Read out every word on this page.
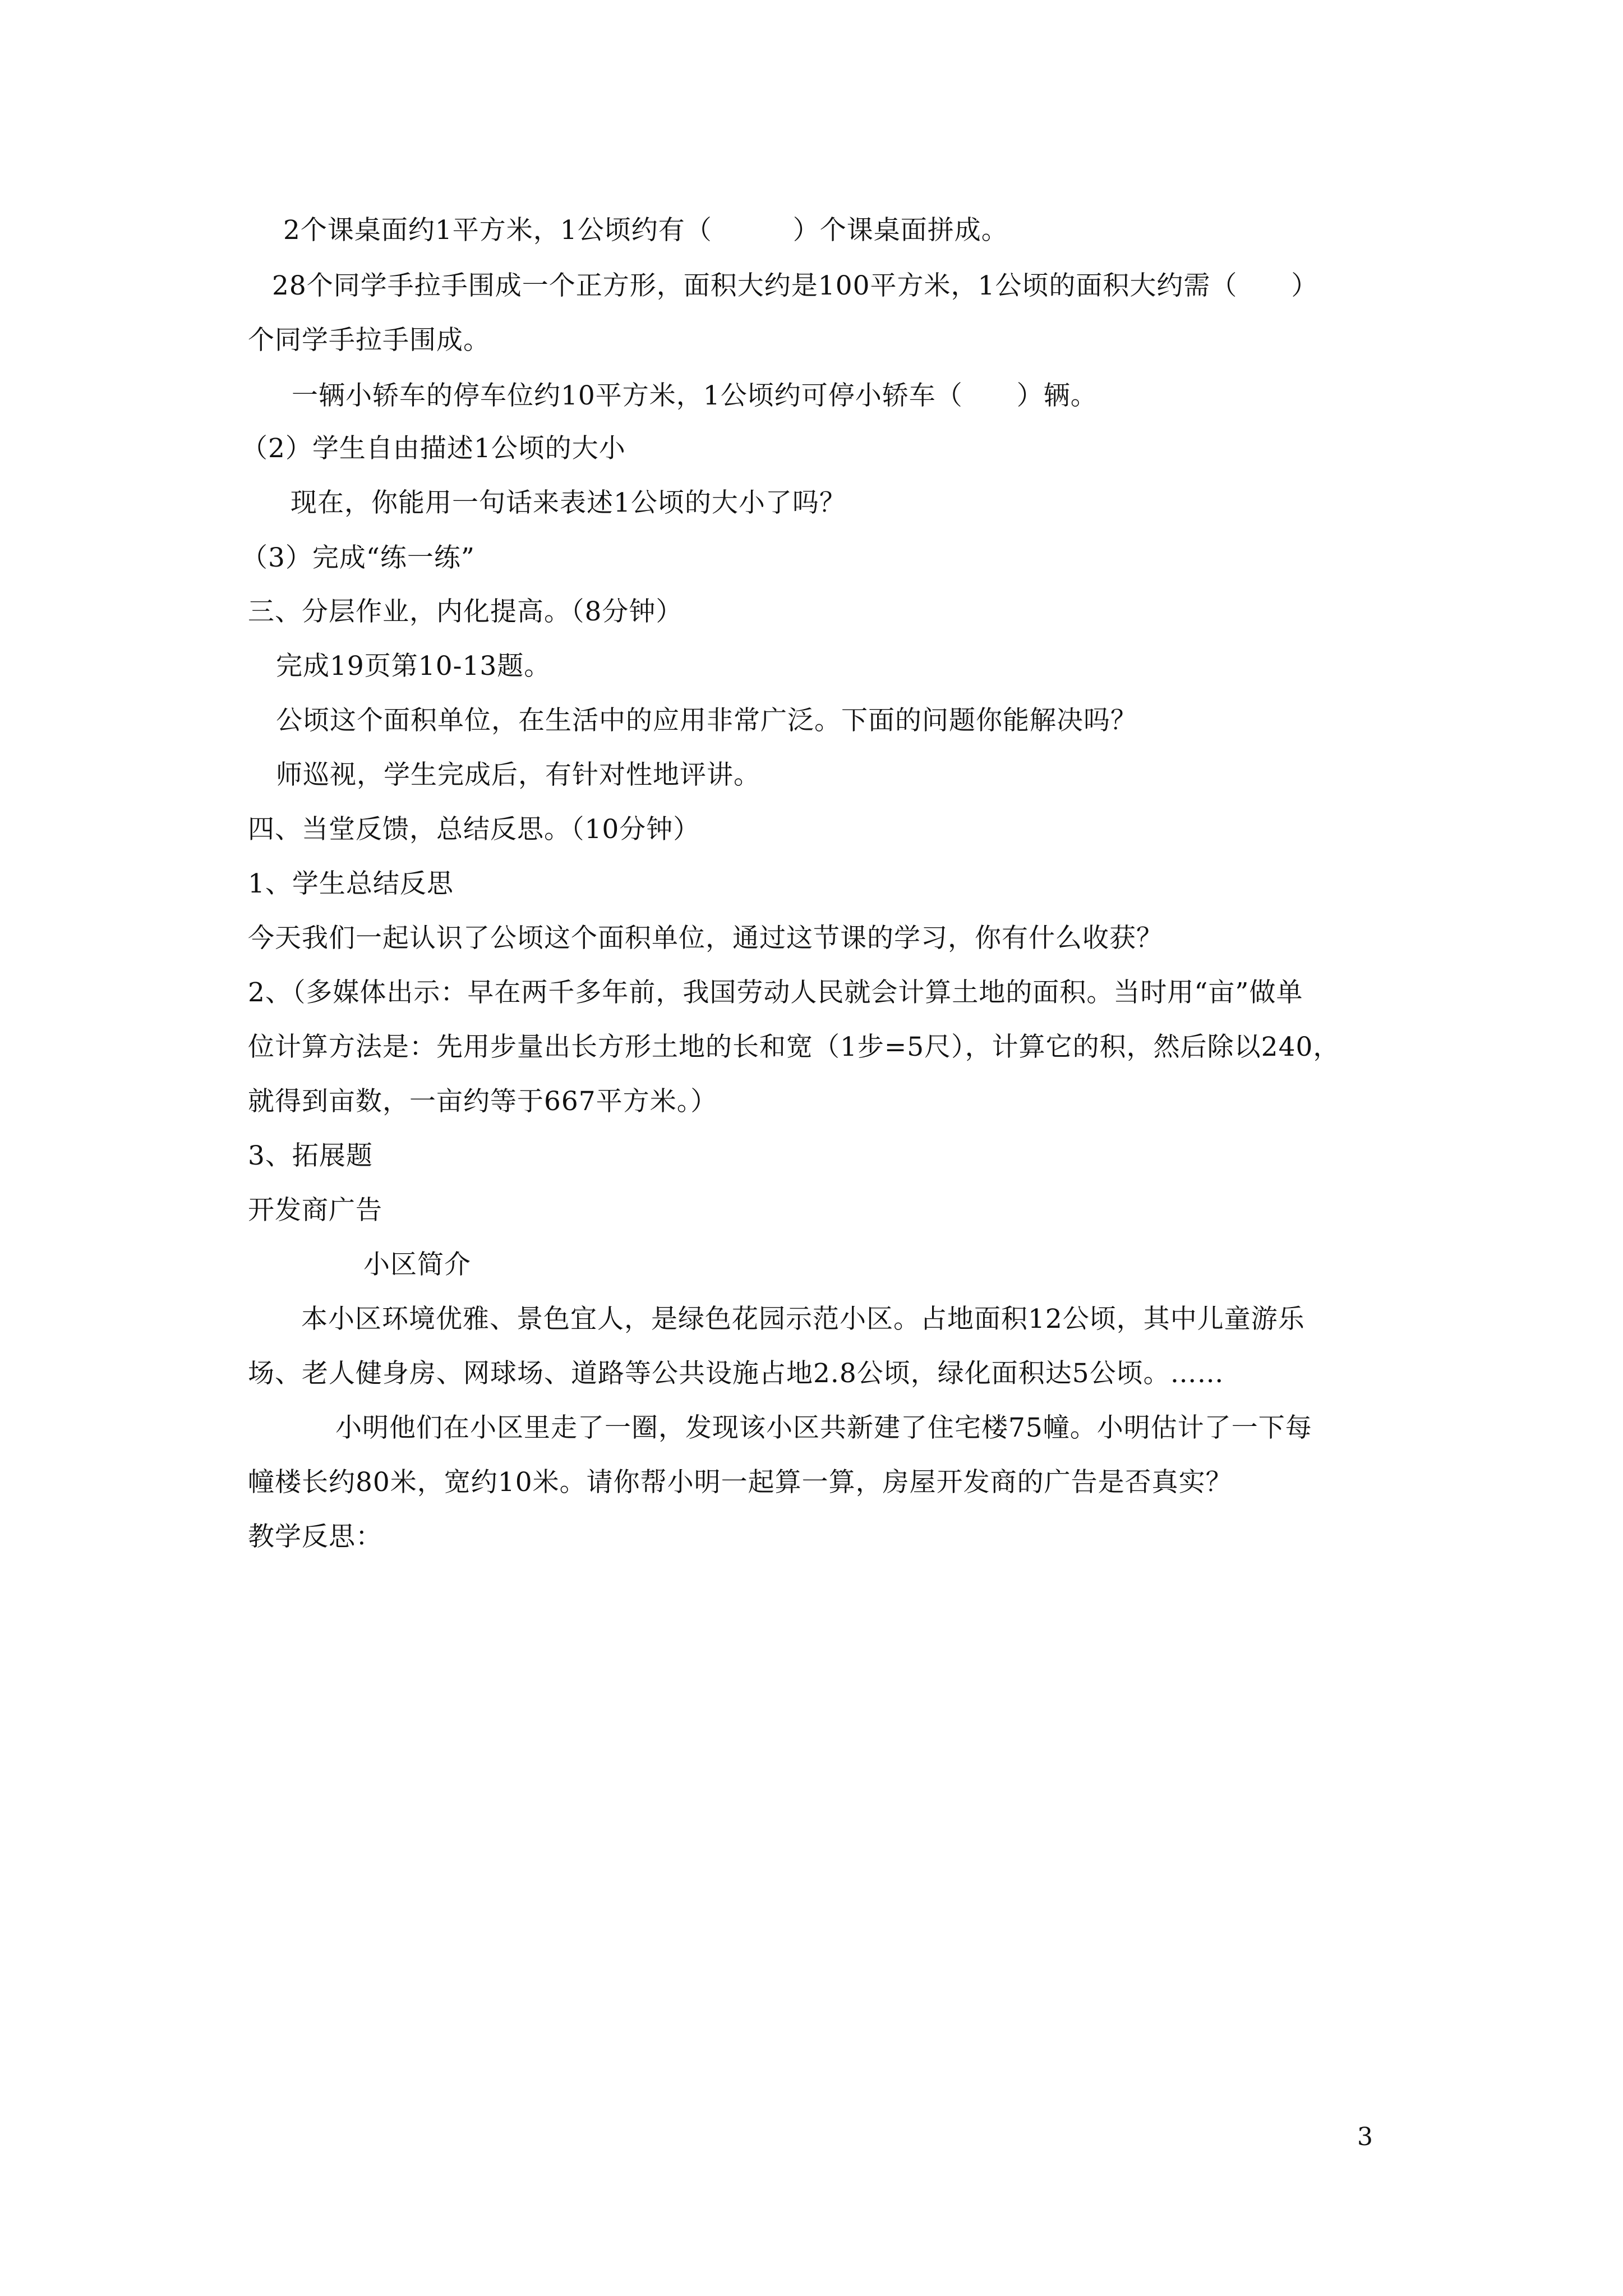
2个课桌面约1平方米，1公顷约有（　　　）个课桌面拼成。
28个同学手拉手围成一个正方形，面积大约是100平方米，1公顷的面积大约需（　　）
个同学手拉手围成。
一辆小轿车的停车位约10平方米，1公顷约可停小轿车（　　）辆。
（2）学生自由描述1公顷的大小
现在，你能用一句话来表述1公顷的大小了吗？
（3）完成“练一练”
三、分层作业，内化提高。（8分钟）
完成19页第10-13题。
公顷这个面积单位，在生活中的应用非常广泛。下面的问题你能解决吗？
师巡视，学生完成后，有针对性地评讲。
四、当堂反馈，总结反思。（10分钟）
1、学生总结反思
今天我们一起认识了公顷这个面积单位，通过这节课的学习，你有什么收获？
2、（多媒体出示：早在两千多年前，我国劳动人民就会计算土地的面积。当时用“亩”做单
位计算方法是：先用步量出长方形土地的长和宽（1步=5尺），计算它的积，然后除以240，
就得到亩数，一亩约等于667平方米。）
3、拓展题
开发商广告
小区简介
本小区环境优雅、景色宜人，是绿色花园示范小区。占地面积12公顷，其中儿童游乐
场、老人健身房、网球场、道路等公共设施占地2.8公顷，绿化面积达5公顷。……
小明他们在小区里走了一圈，发现该小区共新建了住宅楼75幢。小明估计了一下每
幢楼长约80米，宽约10米。请你帮小明一起算一算，房屋开发商的广告是否真实？
教学反思：
3
